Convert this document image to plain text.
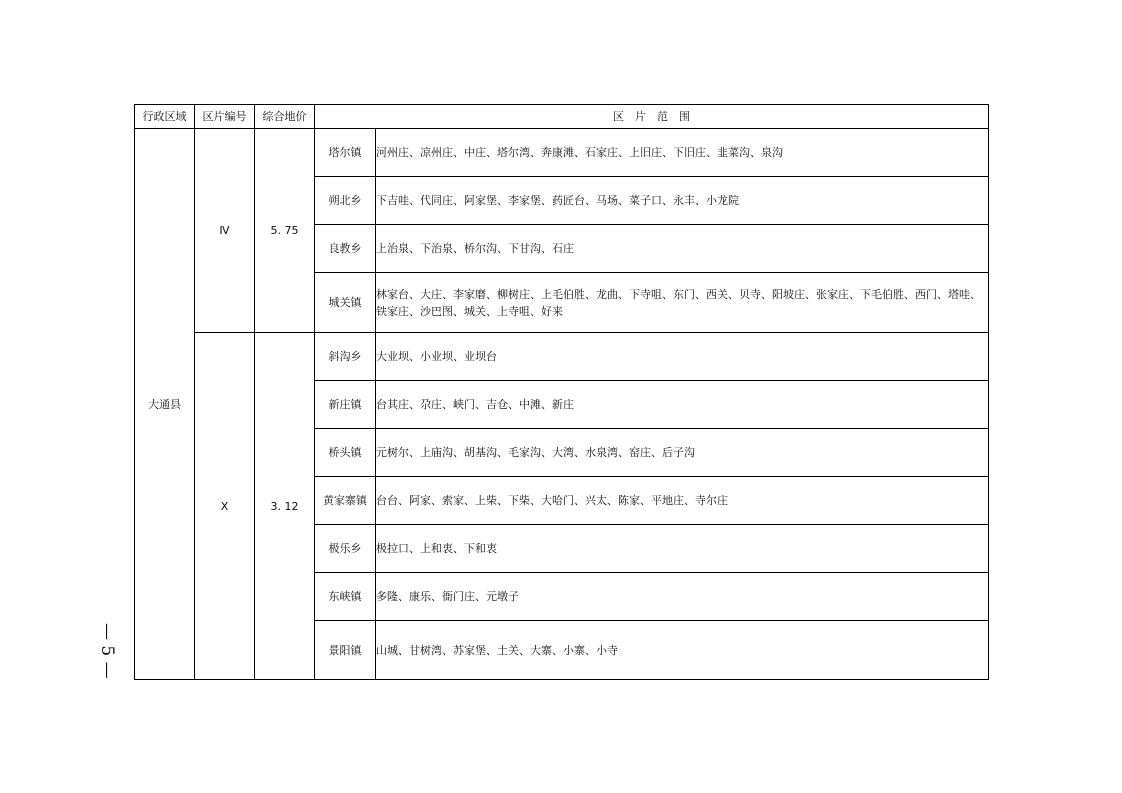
行政区域	区片编号	综合地价	区　片　范　围	
大通县	Ⅳ	5. 75	塔尔镇	河州庄、凉州庄、中庄、塔尔湾、奔康滩、石家庄、上旧庄、下旧庄、韭菜沟、泉沟
			朔北乡	下吉哇、代同庄、阿家堡、李家堡、药匠台、马场、菜子口、永丰、小龙院
			良教乡	上治泉、下治泉、桥尔沟、下甘沟、石庄
			城关镇	林家台、大庄、李家磨、柳树庄、上毛伯胜、龙曲、下寺咀、东门、西关、贝寺、阳坡庄、张家庄、下毛伯胜、西门、塔哇、铁家庄、沙巴图、城关、上寺咀、好来
	Ⅹ	3. 12	斜沟乡	大业坝、小业坝、业坝台
			新庄镇	台其庄、尕庄、峡门、吉仓、中滩、新庄
			桥头镇	元树尔、上庙沟、胡基沟、毛家沟、大湾、水泉湾、窑庄、后子沟
			黄家寨镇	台台、阿家、索家、上柴、下柴、大哈门、兴太、陈家、平地庄、寺尔庄
			极乐乡	极拉口、上和衷、下和衷
			东峡镇	多隆、康乐、衙门庄、元墩子
			景阳镇	山城、甘树湾、苏家堡、土关、大寨、小寨、小寺
— 5 —
